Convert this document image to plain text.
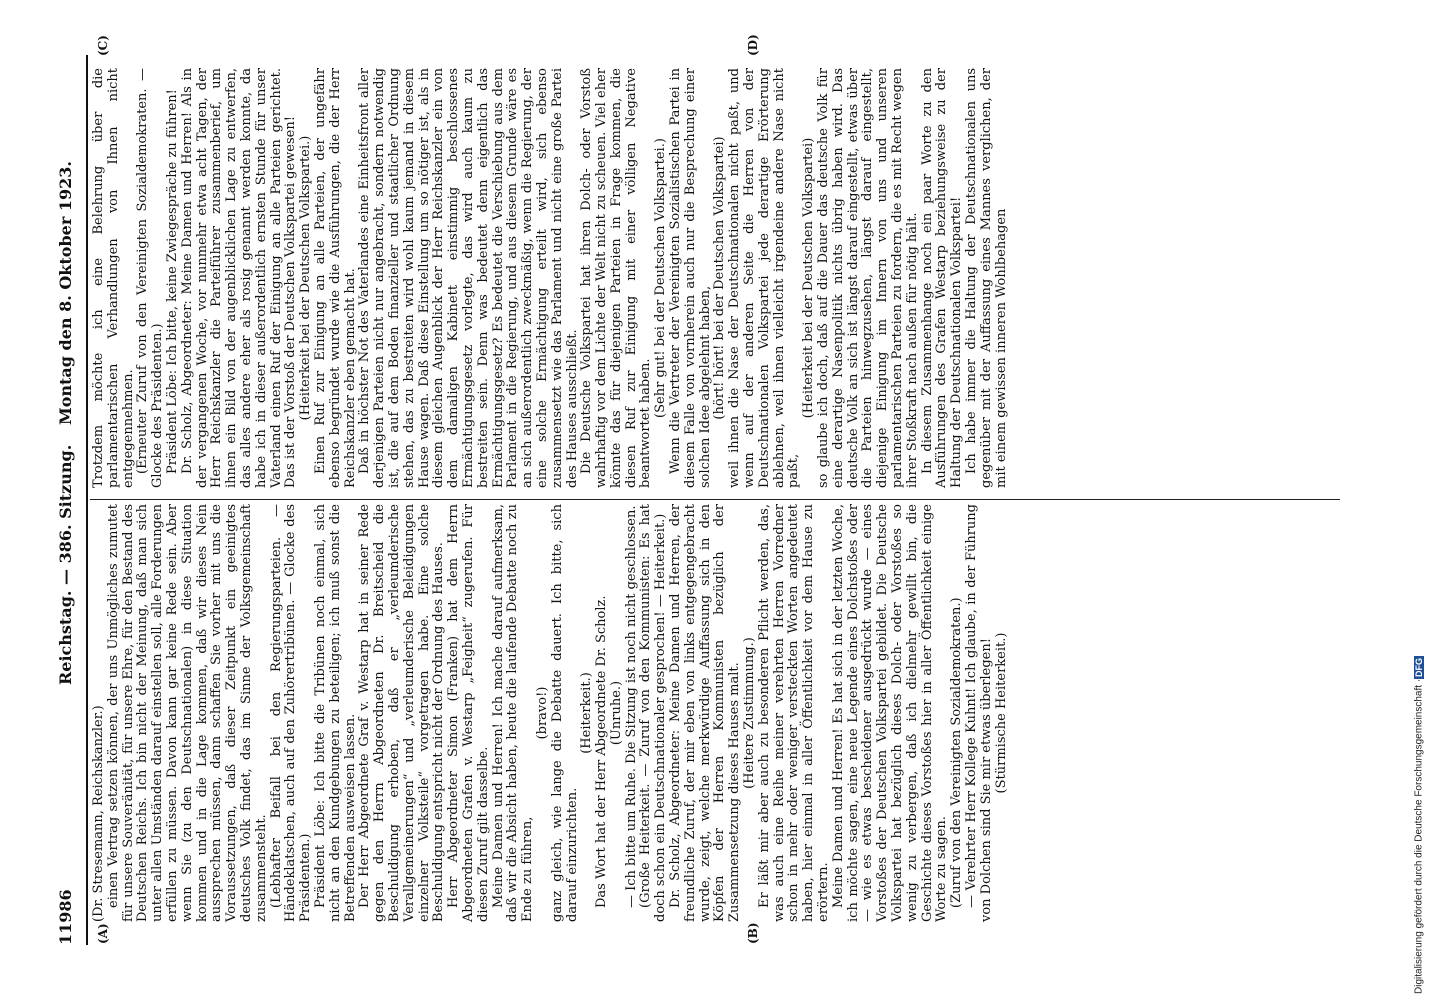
11986
Reichstag. — 386. Sitzung.
Montag den 8. Oktober 1923.
(A)	(B)
(C)	(D)

(Dr. Stresemann, Reichskanzler.) einen Vertrag setzen können, der uns Unmögliches zumutet für unsere Souveränität, für unsere Ehre, für den Bestand des Deutschen Reichs. Ich bin nicht der Meinung, daß man sich unter allen Umständen darauf einstellen soll, alle Forderungen erfüllen zu müssen. Davon kann gar keine Rede sein. Aber wenn Sie (zu den Deutschnationalen) in diese Situation kommen und in die Lage kommen, daß wir dieses Nein aussprechen müssen, dann schaffen Sie vorher mit uns die Voraussetzungen, daß dieser Zeitpunkt ein geeinigtes deutsches Volk findet, das im Sinne der Volksgemeinschaft zusammensteht. (Lebhafter Beifall bei den Regierungsparteien. — Händeklatschen, auch auf den Zuhörertribünen. — Glocke des Präsidenten.) Präsident Löbe: Ich bitte die Tribünen noch einmal, sich nicht an den Kundgebungen zu beteiligen; ich muß sonst die Betreffenden ausweisen lassen. Der Herr Abgeordnete Graf v. Westarp hat in seiner Rede gegen den Herrn Abgeordneten Dr. Breitscheid die Beschuldigung erhoben, daß er „verleumderische Verallgemeinerungen“ und „verleumderische Beleidigungen einzelner Volksteile“ vorgetragen habe. Eine solche Beschuldigung entspricht nicht der Ordnung des Hauses. Herr Abgeordneter Simon (Franken) hat dem Herrn Abgeordneten Grafen v. Westarp „Feigheit“ zugerufen. Für diesen Zuruf gilt dasselbe. Meine Damen und Herren! Ich mache darauf aufmerksam, daß wir die Absicht haben, heute die laufende Debatte noch zu Ende zu führen,

(bravo!) ganz gleich, wie lange die Debatte dauert. Ich bitte, sich darauf einzurichten.

(Heiterkeit.) Das Wort hat der Herr Abgeordnete Dr. Scholz. (Unruhe.) — Ich bitte um Ruhe. Die Sitzung ist noch nicht geschlossen. (Große Heiterkeit. — Zuruf von den Kommunisten: Es hat doch schon ein Deutschnationaler gesprochen! — Heiterkeit.) Dr. Scholz, Abgeordneter: Meine Damen und Herren, der freundliche Zuruf, der mir eben von links entgegengebracht wurde, zeigt, welche merkwürdige Auffassung sich in den Köpfen der Herren Kommunisten bezüglich der Zusammensetzung dieses Hauses malt. (Heitere Zustimmung.) Er läßt mir aber auch zu besonderen Pflicht werden, das, was auch eine Reihe meiner verehrten Herren Vorredner schon in mehr oder weniger versteckten Worten angedeutet haben, hier einmal in aller Öffentlichkeit vor dem Hause zu erörtern. Meine Damen und Herren! Es hat sich in der letzten Woche, ich möchte sagen, eine neue Legende eines Dolchstoßes oder — wie es etwas bescheidener ausgedrückt wurde — eines Vorstoßes der Deutschen Volkspartei gebildet. Die Deutsche Volkspartei hat bezüglich dieses Dolch- oder Vorstoßes so wenig zu verbergen, daß ich dielmehr gewillt bin, die Geschichte dieses Vorstoßes hier in aller Öffentlichkeit einige Worte zu sagen. (Zuruf von den Vereinigten Sozialdemokraten.) — Verehrter Herr Kollege Kuhnt! Ich glaube, in der Führung von Dolchen sind Sie mir etwas überlegen! (Stürmische Heiterkeit.)

Trotzdem möchte ich eine Belehrung über die parlamentarischen Verhandlungen von Ihnen nicht entgegennehmen. (Erneuter Zuruf von den Vereinigten Sozialdemokraten. — Glocke des Präsidenten.) Präsident Löbe: Ich bitte, keine Zwiegespräche zu führen! Dr. Scholz, Abgeordneter: Meine Damen und Herren! Als in der vergangenen Woche, vor nunmehr etwa acht Tagen, der Herr Reichskanzler die Parteiführer zusammenberief, um ihnen ein Bild von der augenblicklichen Lage zu entwerfen, das alles andere eher als rosig genannt werden konnte, da habe ich in dieser außerordentlich ernsten Stunde für unser Vaterland einen Ruf der Einigung an alle Parteien gerichtet. Das ist der Vorstoß der Deutschen Volkspartei gewesen! (Heiterkeit bei der Deutschen Volkspartei.) Einen Ruf zur Einigung an alle Parteien, der ungefähr ebenso begründet wurde wie die Ausführungen, die der Herr Reichskanzler eben gemacht hat. Daß in höchster Not des Vaterlandes eine Einheitsfront aller derjenigen Parteien nicht nur angebracht, sondern notwendig ist, die auf dem Boden finanzieller und staatlicher Ordnung stehen, das zu bestreiten wird wohl kaum jemand in diesem Hause wagen. Daß diese Einstellung um so nötiger ist, als in diesem gleichen Augenblick der Herr Reichskanzler ein von dem damaligen Kabinett einstimmig beschlossenes Ermächtigungsgesetz vorlegte, das wird auch kaum zu bestreiten sein. Denn was bedeutet denn eigentlich das Ermächtigungsgesetz? Es bedeutet die Verschiebung aus dem Parlament in die Regierung, und aus diesem Grunde wäre es an sich außerordentlich zweckmäßig, wenn die Regierung, der eine solche Ermächtigung erteilt wird, sich ebenso zusammensetzt wie das Parlament und nicht eine große Partei des Hauses ausschließt. Die Deutsche Volkspartei hat ihren Dolch- oder Vorstoß wahrhaftig vor dem Lichte der Welt nicht zu scheuen. Viel eher könnte das für diejenigen Parteien in Frage kommen, die diesen Ruf zur Einigung mit einer völligen Negative beantwortet haben.

(Sehr gut! bei der Deutschen Volkspartei.) Wenn die Vertreter der Vereinigten Sozialistischen Partei in diesem Falle von vornherein auch nur die Besprechung einer solchen Idee abgelehnt haben, (hört! hört! bei der Deutschen Volkspartei) weil ihnen die Nase der Deutschnationalen nicht paßt, und wenn auf der anderen Seite die Herren von der Deutschnationalen Volkspartei jede derartige Erörterung ablehnen, weil ihnen vielleicht irgendeine andere Nase nicht paßt,

(Heiterkeit bei der Deutschen Volkspartei) so glaube ich doch, daß auf die Dauer das deutsche Volk für eine derartige Nasenpolitik nichts übrig haben wird. Das deutsche Volk an sich ist längst darauf eingestellt, etwas über die Parteien hinwegzusehen, längst darauf eingestellt, diejenige Einigung im Innern von uns und unseren parlamentarischen Parteien zu fordern, die es mit Recht wegen ihrer Stoßkraft nach außen für nötig hält. In diesem Zusammenhange noch ein paar Worte zu den Ausführungen des Grafen Westarp beziehungsweise zu der Haltung der Deutschnationalen Volkspartei! Ich habe immer die Haltung der Deutschnationalen uns gegenüber mit der Auffassung eines Mannes verglichen, der mit einem gewissen inneren Wohlbehagen

Digitalisierung gefördert durch die Deutsche Forschungsgemeinschaft ·
DFG
